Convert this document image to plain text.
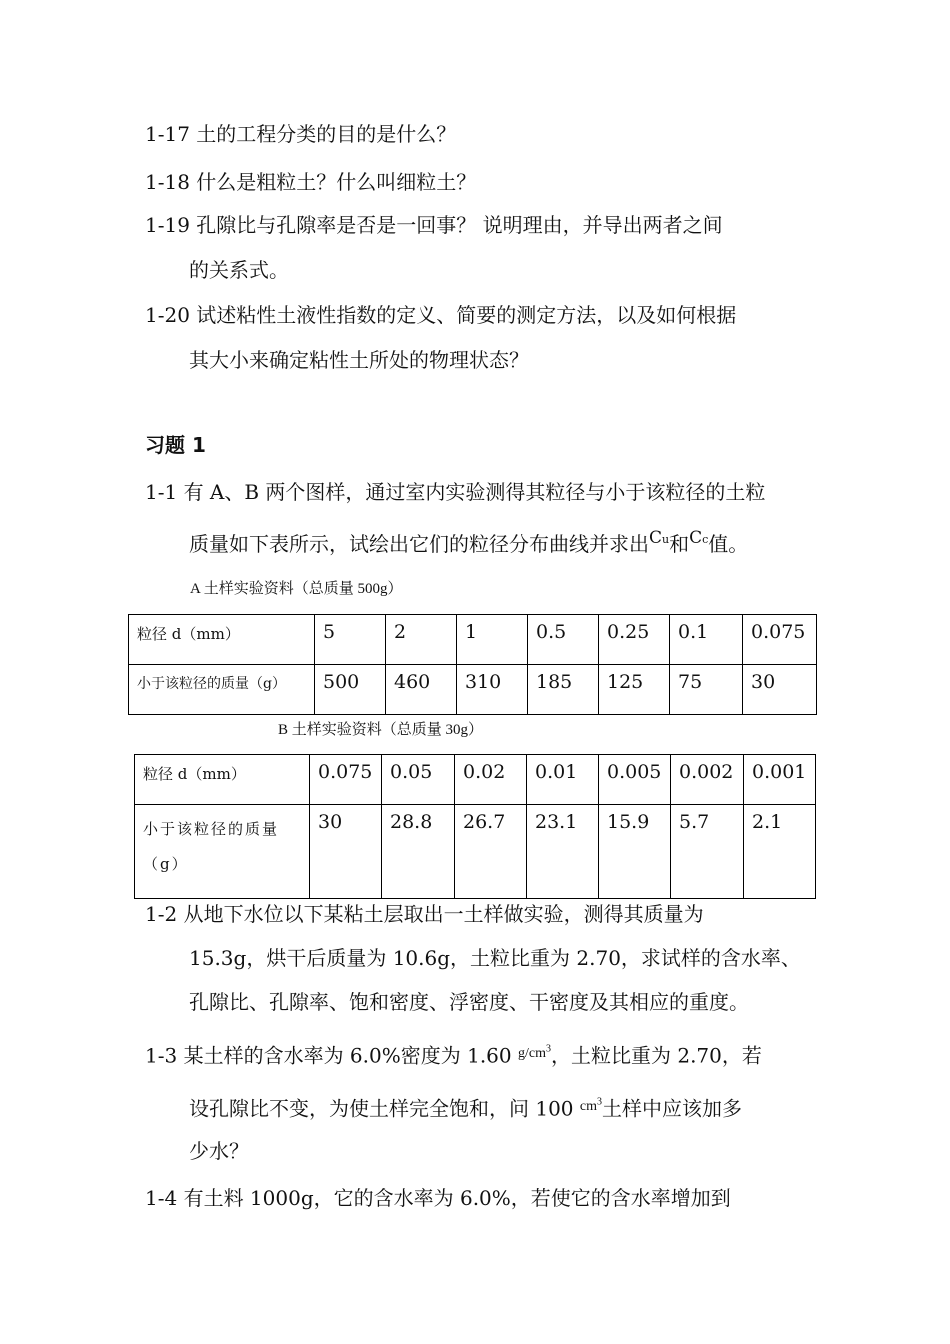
1-17 土的工程分类的目的是什么？
1-18 什么是粗粒土？什么叫细粒土？
1-19 孔隙比与孔隙率是否是一回事？ 说明理由，并导出两者之间
的关系式。
1-20 试述粘性土液性指数的定义、简要的测定方法，以及如何根据
其大小来确定粘性土所处的物理状态？
习题 1
1-1 有 A、B 两个图样，通过室内实验测得其粒径与小于该粒径的土粒
质量如下表所示，试绘出它们的粒径分布曲线并求出$^{Cu}$和$^{Cc}$值。
A 土样实验资料（总质量 500g）
粒径 d（mm）	5	2	1	0.5	0.25	0.1	0.075
小于该粒径的质量（g）	500	460	310	185	125	75	30
B 土样实验资料（总质量 30g）
粒径 d（mm）	0.075	0.05	0.02	0.01	0.005	0.002	0.001

小于该粒径的质量
（g）	30	28.8	26.7	23.1	15.9	5.7	2.1
1-2 从地下水位以下某粘土层取出一土样做实验，测得其质量为
15.3g，烘干后质量为 10.6g，土粒比重为 2.70，求试样的含水率、
孔隙比、孔隙率、饱和密度、浮密度、干密度及其相应的重度。
1-3 某土样的含水率为 6.0%密度为 1.60 $^{g/cm^3}$，土粒比重为 2.70，若
设孔隙比不变，为使土样完全饱和，问 100 $^{cm^3}$土样中应该加多
少水？
1-4 有土料 1000g，它的含水率为 6.0%，若使它的含水率增加到
